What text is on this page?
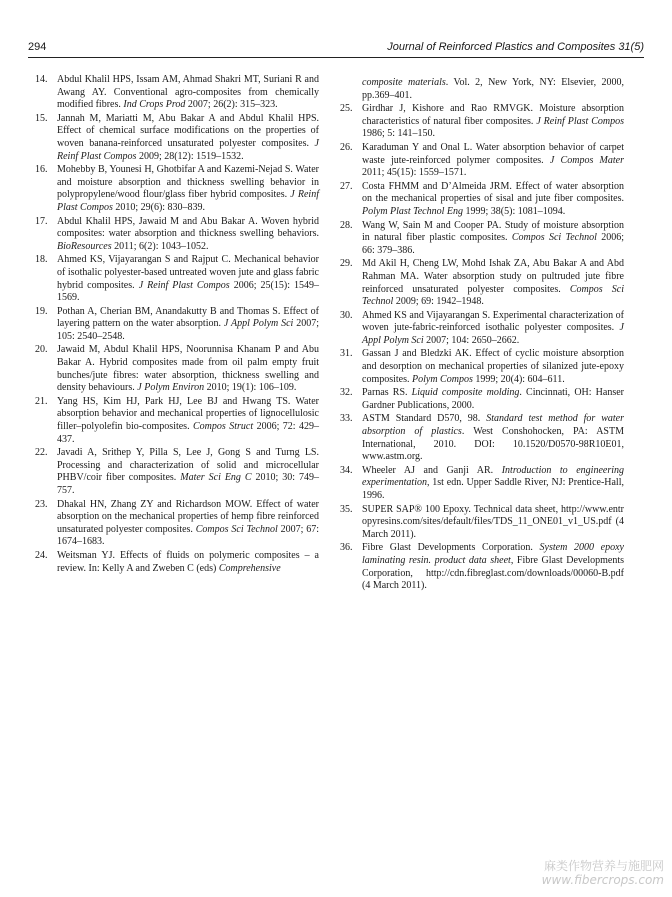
294	Journal of Reinforced Plastics and Composites 31(5)
14. Abdul Khalil HPS, Issam AM, Ahmad Shakri MT, Suriani R and Awang AY. Conventional agro-composites from chemically modified fibres. Ind Crops Prod 2007; 26(2): 315–323.
15. Jannah M, Mariatti M, Abu Bakar A and Abdul Khalil HPS. Effect of chemical surface modifications on the properties of woven banana-reinforced unsaturated polyester composites. J Reinf Plast Compos 2009; 28(12): 1519–1532.
16. Mohebby B, Younesi H, Ghotbifar A and Kazemi-Nejad S. Water and moisture absorption and thickness swelling behavior in polypropylene/wood flour/glass fiber hybrid composites. J Reinf Plast Compos 2010; 29(6): 830–839.
17. Abdul Khalil HPS, Jawaid M and Abu Bakar A. Woven hybrid composites: water absorption and thickness swelling behaviors. BioResources 2011; 6(2): 1043–1052.
18. Ahmed KS, Vijayarangan S and Rajput C. Mechanical behavior of isothalic polyester-based untreated woven jute and glass fabric hybrid composites. J Reinf Plast Compos 2006; 25(15): 1549–1569.
19. Pothan A, Cherian BM, Anandakutty B and Thomas S. Effect of layering pattern on the water absorption. J Appl Polym Sci 2007; 105: 2540–2548.
20. Jawaid M, Abdul Khalil HPS, Noorunnisa Khanam P and Abu Bakar A. Hybrid composites made from oil palm empty fruit bunches/jute fibres: water absorption, thickness swelling and density behaviours. J Polym Environ 2010; 19(1): 106–109.
21. Yang HS, Kim HJ, Park HJ, Lee BJ and Hwang TS. Water absorption behavior and mechanical properties of lignocellulosic filler–polyolefin bio-composites. Compos Struct 2006; 72: 429–437.
22. Javadi A, Srithep Y, Pilla S, Lee J, Gong S and Turng LS. Processing and characterization of solid and microcellular PHBV/coir fiber composites. Mater Sci Eng C 2010; 30: 749–757.
23. Dhakal HN, Zhang ZY and Richardson MOW. Effect of water absorption on the mechanical properties of hemp fibre reinforced unsaturated polyester composites. Compos Sci Technol 2007; 67: 1674–1683.
24. Weitsman YJ. Effects of fluids on polymeric composites – a review. In: Kelly A and Zweben C (eds) Comprehensive
composite materials. Vol. 2, New York, NY: Elsevier, 2000, pp.369–401.
25. Girdhar J, Kishore and Rao RMVGK. Moisture absorption characteristics of natural fiber composites. J Reinf Plast Compos 1986; 5: 141–150.
26. Karaduman Y and Onal L. Water absorption behavior of carpet waste jute-reinforced polymer composites. J Compos Mater 2011; 45(15): 1559–1571.
27. Costa FHMM and D’Almeida JRM. Effect of water absorption on the mechanical properties of sisal and jute fiber composites. Polym Plast Technol Eng 1999; 38(5): 1081–1094.
28. Wang W, Sain M and Cooper PA. Study of moisture absorption in natural fiber plastic composites. Compos Sci Technol 2006; 66: 379–386.
29. Md Akil H, Cheng LW, Mohd Ishak ZA, Abu Bakar A and Abd Rahman MA. Water absorption study on pultruded jute fibre reinforced unsaturated polyester composites. Compos Sci Technol 2009; 69: 1942–1948.
30. Ahmed KS and Vijayarangan S. Experimental characterization of woven jute-fabric-reinforced isothalic polyester composites. J Appl Polym Sci 2007; 104: 2650–2662.
31. Gassan J and Bledzki AK. Effect of cyclic moisture absorption and desorption on mechanical properties of silanized jute-epoxy composites. Polym Compos 1999; 20(4): 604–611.
32. Parnas RS. Liquid composite molding. Cincinnati, OH: Hanser Gardner Publications, 2000.
33. ASTM Standard D570, 98. Standard test method for water absorption of plastics. West Conshohocken, PA: ASTM International, 2010. DOI: 10.1520/D0570-98R10E01, www.astm.org.
34. Wheeler AJ and Ganji AR. Introduction to engineering experimentation, 1st edn. Upper Saddle River, NJ: Prentice-Hall, 1996.
35. SUPER SAP® 100 Epoxy. Technical data sheet, http://www.entropyresins.com/sites/default/files/TDS_11_ONE01_v1_US.pdf (4 March 2011).
36. Fibre Glast Developments Corporation. System 2000 epoxy laminating resin. product data sheet, Fibre Glast Developments Corporation, http://cdn.fibreglast.com/downloads/00060-B.pdf (4 March 2011).
麻类作物营养与施肥网
www.fibercrops.com
